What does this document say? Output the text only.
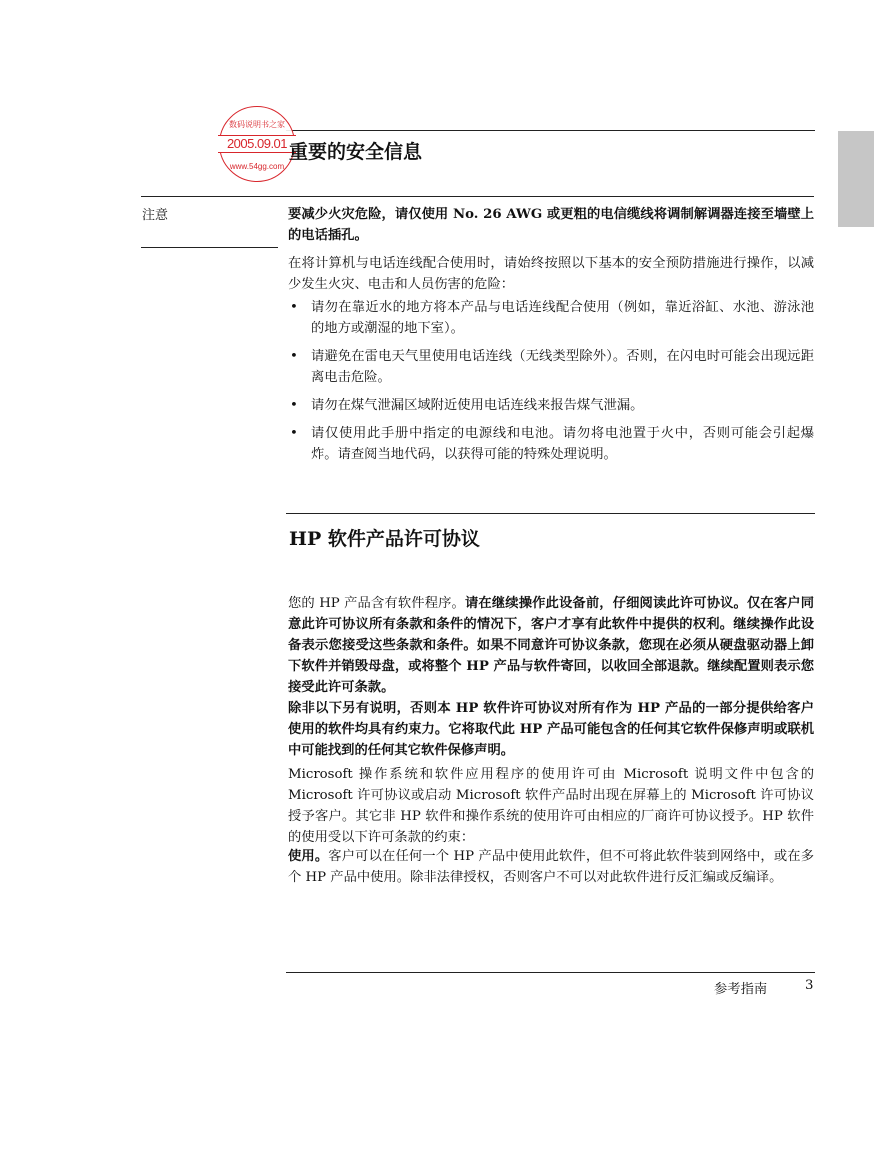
数码说明书之家
2005.09.01
www.54gg.com
重要的安全信息
注意	要减少火灾危险，请仅使用 No. 26 AWG 或更粗的电信缆线将调制解调器连接至墙壁上的电话插孔。

在将计算机与电话连线配合使用时，请始终按照以下基本的安全预防措施进行操作，以减少发生火灾、电击和人员伤害的危险：

• 请勿在靠近水的地方将本产品与电话连线配合使用（例如，靠近浴缸、水池、游泳池的地方或潮湿的地下室）。
• 请避免在雷电天气里使用电话连线（无线类型除外）。否则，在闪电时可能会出现远距离电击危险。
• 请勿在煤气泄漏区域附近使用电话连线来报告煤气泄漏。
• 请仅使用此手册中指定的电源线和电池。请勿将电池置于火中，否则可能会引起爆炸。请查阅当地代码，以获得可能的特殊处理说明。
HP 软件产品许可协议

您的 HP 产品含有软件程序。请在继续操作此设备前，仔细阅读此许可协议。仅在客户同意此许可协议所有条款和条件的情况下，客户才享有此软件中提供的权利。继续操作此设备表示您接受这些条款和条件。如果不同意许可协议条款，您现在必须从硬盘驱动器上卸下软件并销毁母盘，或将整个 HP 产品与软件寄回，以收回全部退款。继续配置则表示您接受此许可条款。

除非以下另有说明，否则本 HP 软件许可协议对所有作为 HP 产品的一部分提供给客户使用的软件均具有约束力。它将取代此 HP 产品可能包含的任何其它软件保修声明或联机中可能找到的任何其它软件保修声明。

Microsoft 操作系统和软件应用程序的使用许可由 Microsoft 说明文件中包含的 Microsoft 许可协议或启动 Microsoft 软件产品时出现在屏幕上的 Microsoft 许可协议授予客户。其它非 HP 软件和操作系统的使用许可由相应的厂商许可协议授予。HP 软件的使用受以下许可条款的约束：

使用。客户可以在任何一个 HP 产品中使用此软件，但不可将此软件装到网络中，或在多个 HP 产品中使用。除非法律授权，否则客户不可以对此软件进行反汇编或反编译。

参考指南	3
